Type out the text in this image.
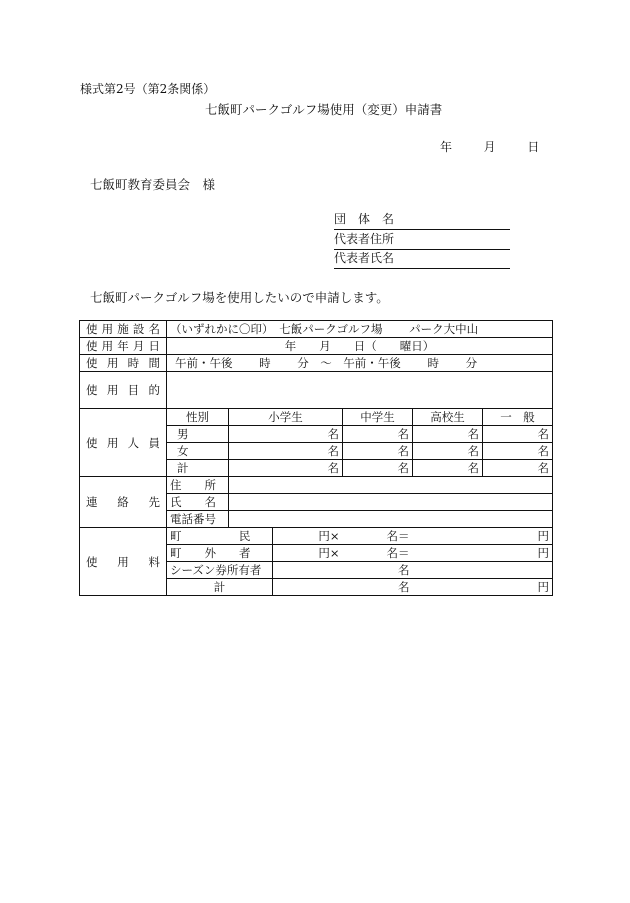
様式第2号（第2条関係）
七飯町パークゴルフ場使用（変更）申請書
年	月	日
七飯町教育委員会　様
団　体　名
代表者住所
代表者氏名
七飯町パークゴルフ場を使用したいので申請します。
使用施設名	（いずれかに〇印）　七飯パークゴルフ場　　 パーク大中山						
使用年月日	年　　月　　日（　　曜日）						
使用時間	午前・午後　　 時　　 分　～　午前・午後　　 時　　 分						
使用目的							
使用人員	性別	小学生		中学生	高校生	一　般	
	男	名		名	名	名	
	女	名		名	名	名	
	計	名		名	名	名	
連絡先	住　　所						
	氏　　名						
	電話番号						
使用料	町　　　　　民		円×	名＝	円		
	町　　外　　者		円×	名＝	円		
	シーズン券所有者			名			
	計			名	円		
